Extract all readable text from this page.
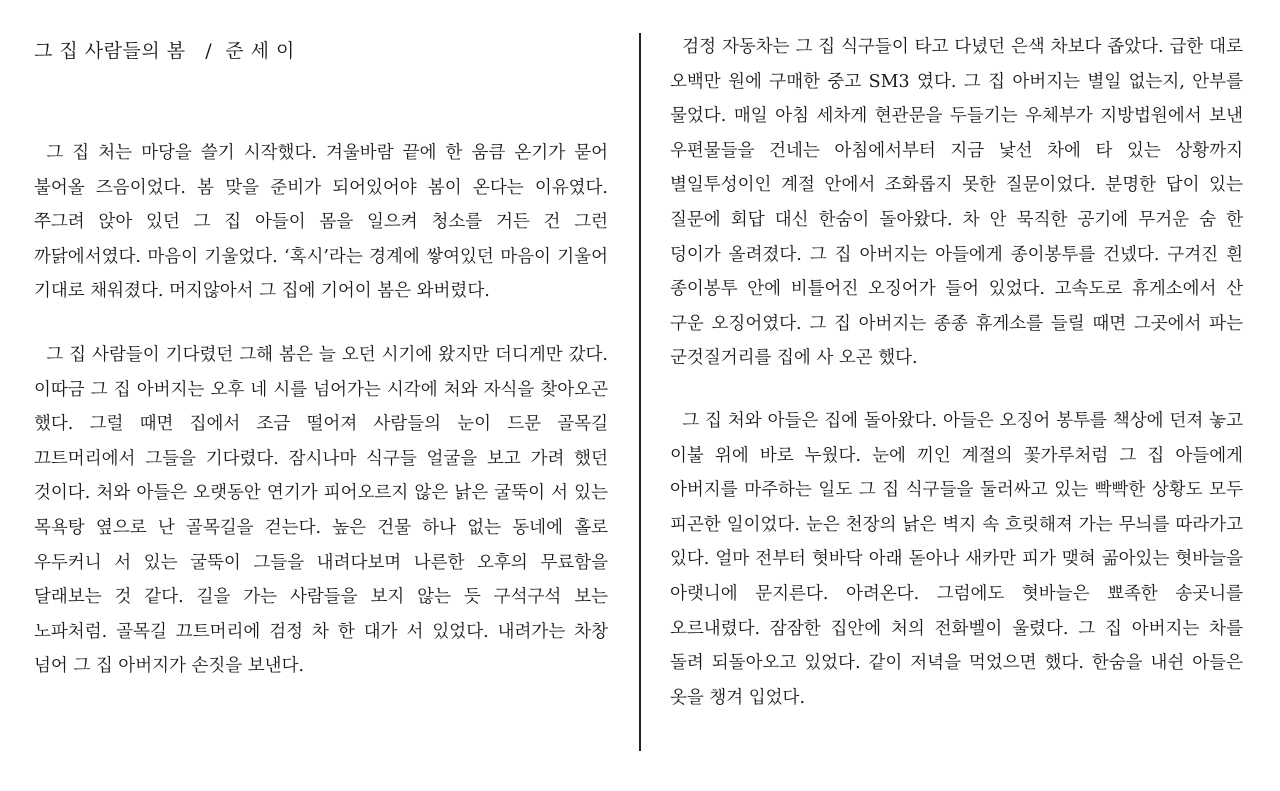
그 집 사람들의 봄   /  준 세 이

그 집 처는 마당을 쓸기 시작했다. 겨울바람 끝에 한 움큼 온기가 묻어 불어올 즈음이었다. 봄 맞을 준비가 되어있어야 봄이 온다는 이유였다. 쭈그려 앉아 있던 그 집 아들이 몸을 일으켜 청소를 거든 건 그런 까닭에서였다. 마음이 기울었다. ‘혹시’라는 경계에 쌓여있던 마음이 기울어 기대로 채워졌다. 머지않아서 그 집에 기어이 봄은 와버렸다.

그 집 사람들이 기다렸던 그해 봄은 늘 오던 시기에 왔지만 더디게만 갔다. 이따금 그 집 아버지는 오후 네 시를 넘어가는 시각에 처와 자식을 찾아오곤 했다. 그럴 때면 집에서 조금 떨어져 사람들의 눈이 드문 골목길 끄트머리에서 그들을 기다렸다. 잠시나마 식구들 얼굴을 보고 가려 했던 것이다. 처와 아들은 오랫동안 연기가 피어오르지 않은 낡은 굴뚝이 서 있는 목욕탕 옆으로 난 골목길을 걷는다. 높은 건물 하나 없는 동네에 홀로 우두커니 서 있는 굴뚝이 그들을 내려다보며 나른한 오후의 무료함을 달래보는 것 같다. 길을 가는 사람들을 보지 않는 듯 구석구석 보는 노파처럼. 골목길 끄트머리에 검정 차 한 대가 서 있었다. 내려가는 차창 넘어 그 집 아버지가 손짓을 보낸다.

검정 자동차는 그 집 식구들이 타고 다녔던 은색 차보다 좁았다. 급한 대로 오백만 원에 구매한 중고 SM3 였다. 그 집 아버지는 별일 없는지, 안부를 물었다. 매일 아침 세차게 현관문을 두들기는 우체부가 지방법원에서 보낸 우편물들을 건네는 아침에서부터 지금 낯선 차에 타 있는 상황까지 별일투성이인 계절 안에서 조화롭지 못한 질문이었다. 분명한 답이 있는 질문에 회답 대신 한숨이 돌아왔다. 차 안 묵직한 공기에 무거운 숨 한 덩이가 올려졌다. 그 집 아버지는 아들에게 종이봉투를 건넸다. 구겨진 흰 종이봉투 안에 비틀어진 오징어가 들어 있었다. 고속도로 휴게소에서 산 구운 오징어였다. 그 집 아버지는 종종 휴게소를 들릴 때면 그곳에서 파는 군것질거리를 집에 사 오곤 했다.

그 집 처와 아들은 집에 돌아왔다. 아들은 오징어 봉투를 책상에 던져 놓고 이불 위에 바로 누웠다. 눈에 끼인 계절의 꽃가루처럼 그 집 아들에게 아버지를 마주하는 일도 그 집 식구들을 둘러싸고 있는 빡빡한 상황도 모두 피곤한 일이었다. 눈은 천장의 낡은 벽지 속 흐릿해져 가는 무늬를 따라가고 있다. 얼마 전부터 혓바닥 아래 돋아나 새카만 피가 맺혀 곪아있는 혓바늘을 아랫니에 문지른다. 아려온다. 그럼에도 혓바늘은 뾰족한 송곳니를 오르내렸다. 잠잠한 집안에 처의 전화벨이 울렸다. 그 집 아버지는 차를 돌려 되돌아오고 있었다. 같이 저녁을 먹었으면 했다. 한숨을 내쉰 아들은 옷을 챙겨 입었다.
